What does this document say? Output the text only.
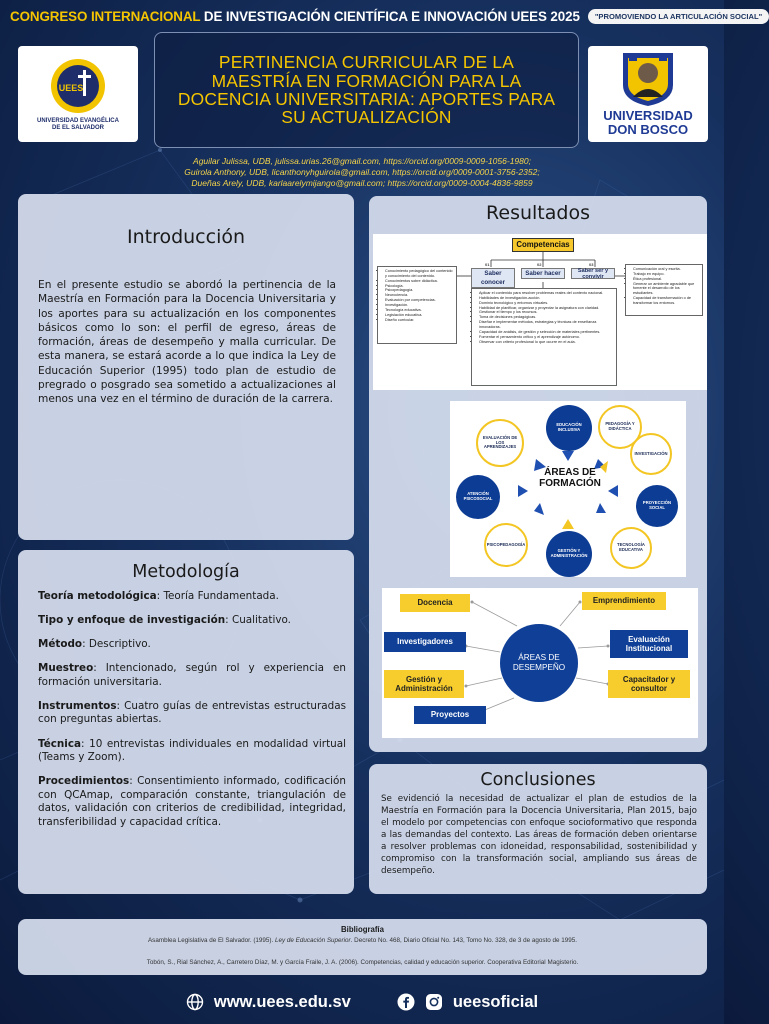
CONGRESO INTERNACIONAL DE INVESTIGACIÓN CIENTÍFICA E INNOVACIÓN UEES 2025	"PROMOVIENDO LA ARTICULACIÓN SOCIAL"
UEES
UNIVERSIDAD EVANGÉLICA
DE EL SALVADOR
UNIVERSIDAD
DON BOSCO
PERTINENCIA CURRICULAR DE LA MAESTRÍA EN FORMACIÓN PARA LA DOCENCIA UNIVERSITARIA: APORTES PARA SU ACTUALIZACIÓN
Aguilar Julissa, UDB, julissa.urias.26@gmail.com, https://orcid.org/0009-0009-1056-1980;
Guirola Anthony, UDB, licanthonyhguirola@gmail.com, https://orcid.org/0009-0001-3756-2352;
Dueñas Arely, UDB, karlaarelymijango@gmail.com; https://orcid.org/0009-0004-4836-9859
Introducción
En el presente estudio se abordó la pertinencia de la Maestría en Formación para la Docencia Universitaria y los aportes para su actualización en los componentes básicos como lo son: el perfil de egreso, áreas de formación, áreas de desempeño y malla curricular. De esta manera, se estará acorde a lo que indica la Ley de Educación Superior (1995) todo plan de estudio de pregrado o posgrado sea sometido a actualizaciones al menos una vez en el término de duración de la carrera.
Metodología

Teoría metodológica: Teoría Fundamentada.

Tipo y enfoque de investigación: Cualitativo.

Método: Descriptivo.

Muestreo: Intencionado, según rol y experiencia en formación universitaria.

Instrumentos: Cuatro guías de entrevistas estructuradas con preguntas abiertas.

Técnica: 10 entrevistas individuales en modalidad virtual (Teams y Zoom).

Procedimientos: Consentimiento informado, codificación con QCAmap, comparación constante, triangulación de datos, validación con criterios de credibilidad, integridad, transferibilidad y capacidad crítica.

Resultados
Competencias
01	02	03
Saber conocer
Saber hacer	Saber ser y convivir
• Conocimiento pedagógico del contenido y conocimiento del contenido.
• Conocimientos sobre didáctica.
• Psicología.
• Psicopedagogía.
• Neurociencia.
• Evaluación por competencias.
• Investigación.
• Tecnología educativa.
• Legislación educativa.
• Diseño curricular.
• Aplicar el contenido para resolver problemas reales del contexto nacional.
• Habilidades de investigación-acción.
• Dominio tecnológico y entornos virtuales.
• Habilidad de planificar, organizar y proyectar la asignatura con claridad.
• Gestionar el tiempo y los recursos.
• Toma de decisiones pedagógicas.
• Diseñar e implementar métodos, estrategias y técnicas de enseñanza innovadoras.
• Capacidad de análisis, de gestión y selección de materiales pertinentes.
• Fomentar el pensamiento crítico y el aprendizaje autónomo.
• Observar con criterio profesional lo que ocurre en el aula.
• Comunicación oral y escrita.
• Trabajo en equipo.
• Ética profesional.
• Generar un ambiente agradable que fomente el desarrollo de los estudiantes.
• Capacidad de transformación o de transformar los entornos.
EDUCACIÓN INCLUSIVA
PEDAGOGÍA Y DIDÁCTICA
INVESTIGACIÓN
PROYECCIÓN SOCIAL
TECNOLOGÍA EDUCATIVA
GESTIÓN Y ADMINISTRACIÓN
PSICOPEDAGOGÍA
ATENCIÓN PSICOSOCIAL
EVALUACIÓN DE LOS APRENDIZAJES
ÁREAS DE FORMACIÓN
Docencia
Investigadores
Gestión y Administración
Proyectos
Emprendimiento
Evaluación Institucional
Capacitador y consultor
ÁREAS DE DESEMPEÑO
Conclusiones
Se evidenció la necesidad de actualizar el plan de estudios de la Maestría en Formación para la Docencia Universitaria, Plan 2015, bajo el modelo por competencias con enfoque socioformativo que responda a las demandas del contexto. Las áreas de formación deben orientarse a resolver problemas con idoneidad, responsabilidad, sostenibilidad y compromiso con la transformación social, ampliando sus áreas de desempeño.
Bibliografía
Asamblea Legislativa de El Salvador. (1995). Ley de Educación Superior. Decreto No. 468, Diario Oficial No. 143, Tomo No. 328, de 3 de agosto de 1995.
Tobón, S., Rial Sánchez, A., Carretero Díaz, M. y García Fraile, J. A. (2006). Competencias, calidad y educación superior. Cooperativa Editorial Magisterio.
www.uees.edu.sv	ueesoficial
